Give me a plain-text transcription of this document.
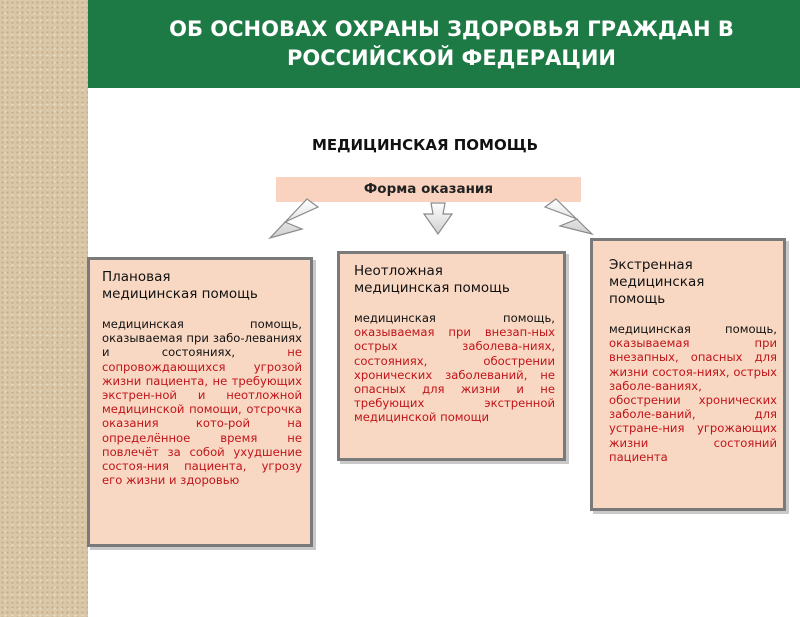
ОБ ОСНОВАХ ОХРАНЫ ЗДОРОВЬЯ ГРАЖДАН В
РОССИЙСКОЙ ФЕДЕРАЦИИ
МЕДИЦИНСКАЯ ПОМОЩЬ
Форма оказания
Плановая
медицинская помощь
медицинская помощь, оказываемая при забо-леваниях и состояниях, не сопровождающихся угрозой жизни пациента, не требующих экстрен-ной и неотложной медицинской помощи, отсрочка оказания кото-рой на определённое время не повлечёт за собой ухудшение состоя-ния пациента, угрозу его жизни и здоровью
Неотложная
медицинская помощь
медицинская помощь, оказываемая при внезап-ных острых заболева-ниях, состояниях, обострении хронических заболеваний, не опасных для жизни и не требующих экстренной медицинской помощи
Экстренная
медицинская
помощь
медицинская помощь, оказываемая при внезапных, опасных для жизни состоя-ниях, острых заболе-ваниях, обострении хронических заболе-ваний, для устране-ния угрожающих жизни состояний пациента
